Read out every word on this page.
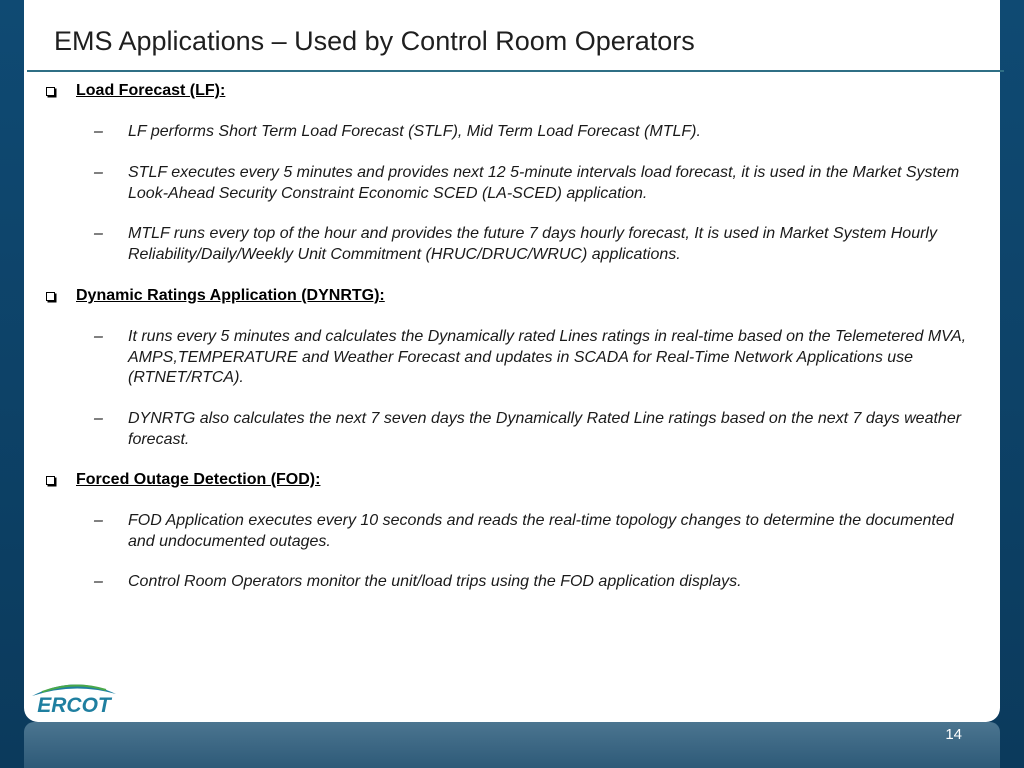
EMS Applications – Used by Control Room Operators
Load Forecast (LF):
–
LF performs Short Term Load Forecast (STLF), Mid Term Load Forecast (MTLF).
–
STLF executes every 5 minutes and provides next 12 5-minute intervals load forecast, it is used in the Market System Look-Ahead Security Constraint Economic SCED (LA-SCED) application.
–
MTLF runs every top of the hour and provides the future 7 days hourly forecast, It is used in Market System Hourly Reliability/Daily/Weekly Unit Commitment (HRUC/DRUC/WRUC) applications.
Dynamic Ratings Application (DYNRTG):
–
It runs every 5 minutes and calculates the Dynamically rated Lines ratings in real-time based on the Telemetered MVA, AMPS,TEMPERATURE and Weather Forecast and updates in SCADA for Real-Time Network Applications use (RTNET/RTCA).
–
DYNRTG also calculates the next 7 seven days the Dynamically Rated Line ratings based on the next 7 days weather forecast.
Forced Outage Detection (FOD):
–
FOD Application executes every 10 seconds and reads the real-time topology changes to determine the documented and undocumented outages.
–
Control Room Operators monitor the unit/load trips using the FOD application displays.
ERCOT
14
